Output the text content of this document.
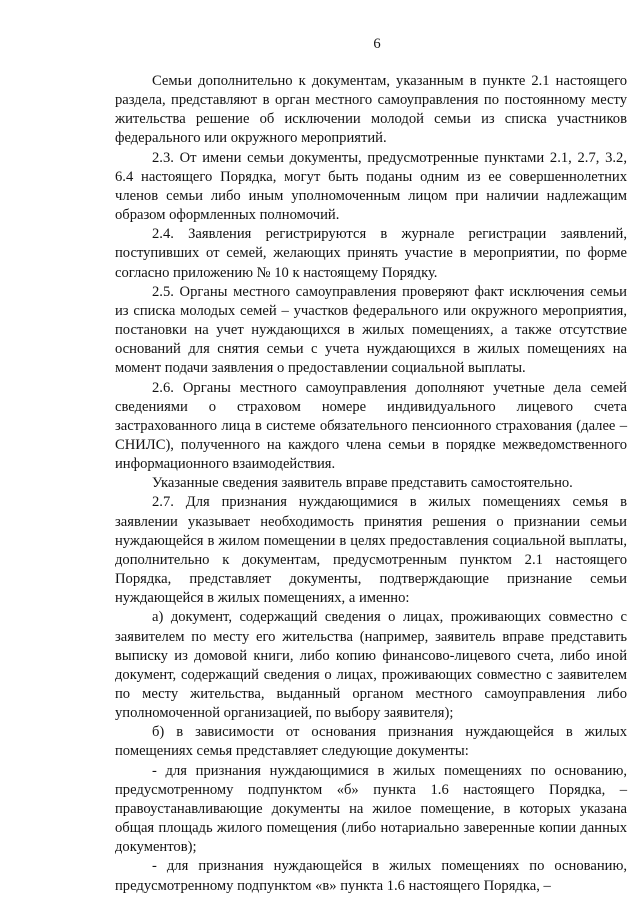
6

Семьи дополнительно к документам, указанным в пункте 2.1 настоящего раздела, представляют в орган местного самоуправления по постоянному месту жительства решение об исключении молодой семьи из списка участников федерального или окружного мероприятий.

2.3. От имени семьи документы, предусмотренные пунктами 2.1, 2.7, 3.2, 6.4 настоящего Порядка, могут быть поданы одним из ее совершеннолетних членов семьи либо иным уполномоченным лицом при наличии надлежащим образом оформленных полномочий.

2.4. Заявления регистрируются в журнале регистрации заявлений, поступивших от семей, желающих принять участие в мероприятии, по форме согласно приложению № 10 к настоящему Порядку.

2.5. Органы местного самоуправления проверяют факт исключения семьи из списка молодых семей – участков федерального или окружного мероприятия, постановки на учет нуждающихся в жилых помещениях, а также отсутствие оснований для снятия семьи с учета нуждающихся в жилых помещениях на момент подачи заявления о предоставлении социальной выплаты.

2.6. Органы местного самоуправления дополняют учетные дела семей сведениями о страховом номере индивидуального лицевого счета застрахованного лица в системе обязательного пенсионного страхования (далее – СНИЛС), полученного на каждого члена семьи в порядке межведомственного информационного взаимодействия.

Указанные сведения заявитель вправе представить самостоятельно.

2.7. Для признания нуждающимися в жилых помещениях семья в заявлении указывает необходимость принятия решения о признании семьи нуждающейся в жилом помещении в целях предоставления социальной выплаты, дополнительно к документам, предусмотренным пунктом 2.1 настоящего Порядка, представляет документы, подтверждающие признание семьи нуждающейся в жилых помещениях, а именно:

а) документ, содержащий сведения о лицах, проживающих совместно с заявителем по месту его жительства (например, заявитель вправе представить выписку из домовой книги, либо копию финансово-лицевого счета, либо иной документ, содержащий сведения о лицах, проживающих совместно с заявителем по месту жительства, выданный органом местного самоуправления либо уполномоченной организацией, по выбору заявителя);

б) в зависимости от основания признания нуждающейся в жилых помещениях семья представляет следующие документы:

- для признания нуждающимися в жилых помещениях по основанию, предусмотренному подпунктом «б» пункта 1.6 настоящего Порядка, – правоустанавливающие документы на жилое помещение, в которых указана общая площадь жилого помещения (либо нотариально заверенные копии данных документов);

- для признания нуждающейся в жилых помещениях по основанию, предусмотренному подпунктом «в» пункта 1.6 настоящего Порядка, –
